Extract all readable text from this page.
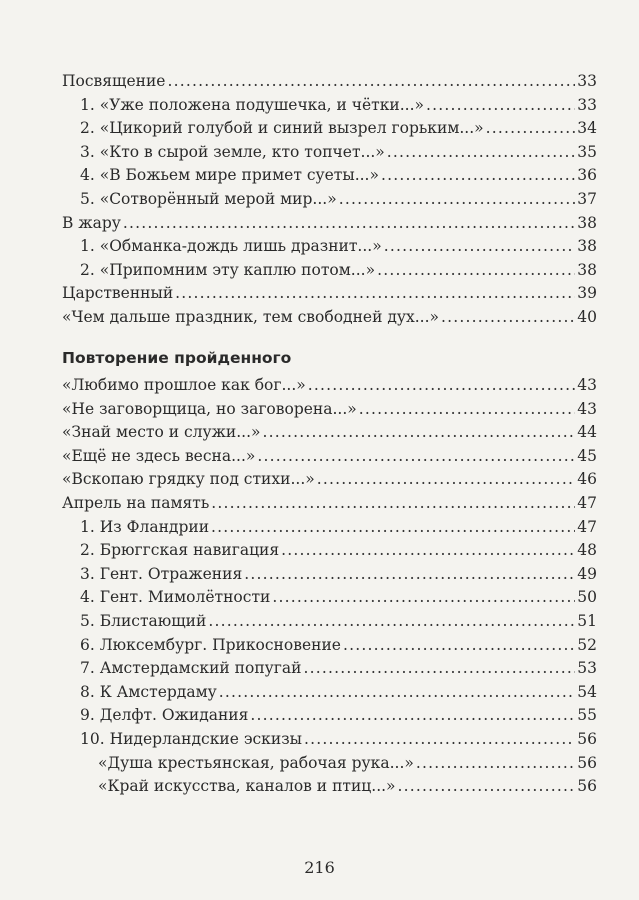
Посвящение .....	33
1. «Уже положена подушечка, и чётки...» .....	33
2. «Цикорий голубой и синий вызрел горьким...» .....	34
3. «Кто в сырой земле, кто топчет...» .....	35
4. «В Божьем мире примет суеты...» .....	36
5. «Сотворённый мерой мир...» .....	37
В жару .....	38
1. «Обманка-дождь лишь дразнит...» .....	38
2. «Припомним эту каплю потом...» .....	38
Царственный .....	39
«Чем дальше праздник, тем свободней дух...» .....	40
Повторение пройденного
«Любимо прошлое как бог...» .....	43
«Не заговорщица, но заговорена...» .....	43
«Знай место и служи...» .....	44
«Ещё не здесь весна...» .....	45
«Вскопаю грядку под стихи...» .....	46
Апрель на память .....	47
1. Из Фландрии .....	47
2. Брюггская навигация .....	48
3. Гент. Отражения .....	49
4. Гент. Мимолётности .....	50
5. Блистающий .....	51
6. Люксембург. Прикосновение .....	52
7. Амстердамский попугай .....	53
8. К Амстердаму .....	54
9. Делфт. Ожидания .....	55
10. Нидерландские эскизы .....	56
«Душа крестьянская, рабочая рука...» .....	56
«Край искусства, каналов и птиц...» .....	56
216
